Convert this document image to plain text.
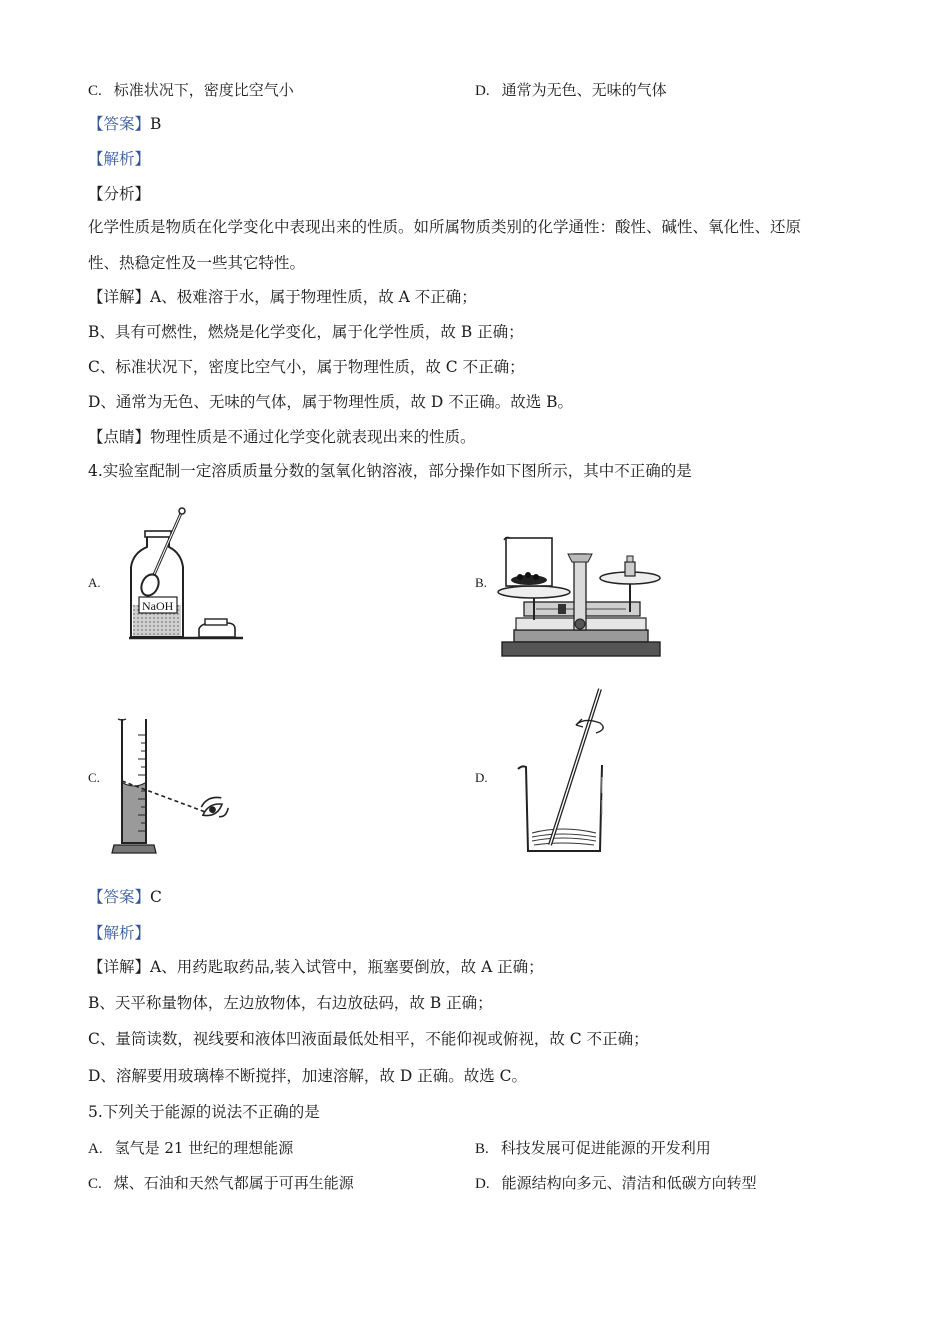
C. 标准状况下，密度比空气小	D. 通常为无色、无味的气体
【答案】B
【解析】
【分析】
化学性质是物质在化学变化中表现出来的性质。如所属物质类别的化学通性：酸性、碱性、氧化性、还原
性、热稳定性及一些其它特性。
【详解】A、极难溶于水，属于物理性质，故 A 不正确；
B、具有可燃性，燃烧是化学变化，属于化学性质，故 B 正确；
C、标准状况下，密度比空气小，属于物理性质，故 C 不正确；
D、通常为无色、无味的气体，属于物理性质，故 D 不正确。故选 B。
【点睛】物理性质是不通过化学变化就表现出来的性质。
4.实验室配制一定溶质质量分数的氢氧化钠溶液，部分操作如下图所示，其中不正确的是
A.
NaOH
B.
C.	D.
【答案】C
【解析】
【详解】A、用药匙取药品,装入试管中，瓶塞要倒放，故 A 正确；
B、天平称量物体，左边放物体，右边放砝码，故 B 正确；
C、量筒读数，视线要和液体凹液面最低处相平，不能仰视或俯视，故 C 不正确；
D、溶解要用玻璃棒不断搅拌，加速溶解，故 D 正确。故选 C。
5.下列关于能源的说法不正确的是
A. 氢气是 21 世纪的理想能源	B. 科技发展可促进能源的开发利用
C. 煤、石油和天然气都属于可再生能源	D. 能源结构向多元、清洁和低碳方向转型
